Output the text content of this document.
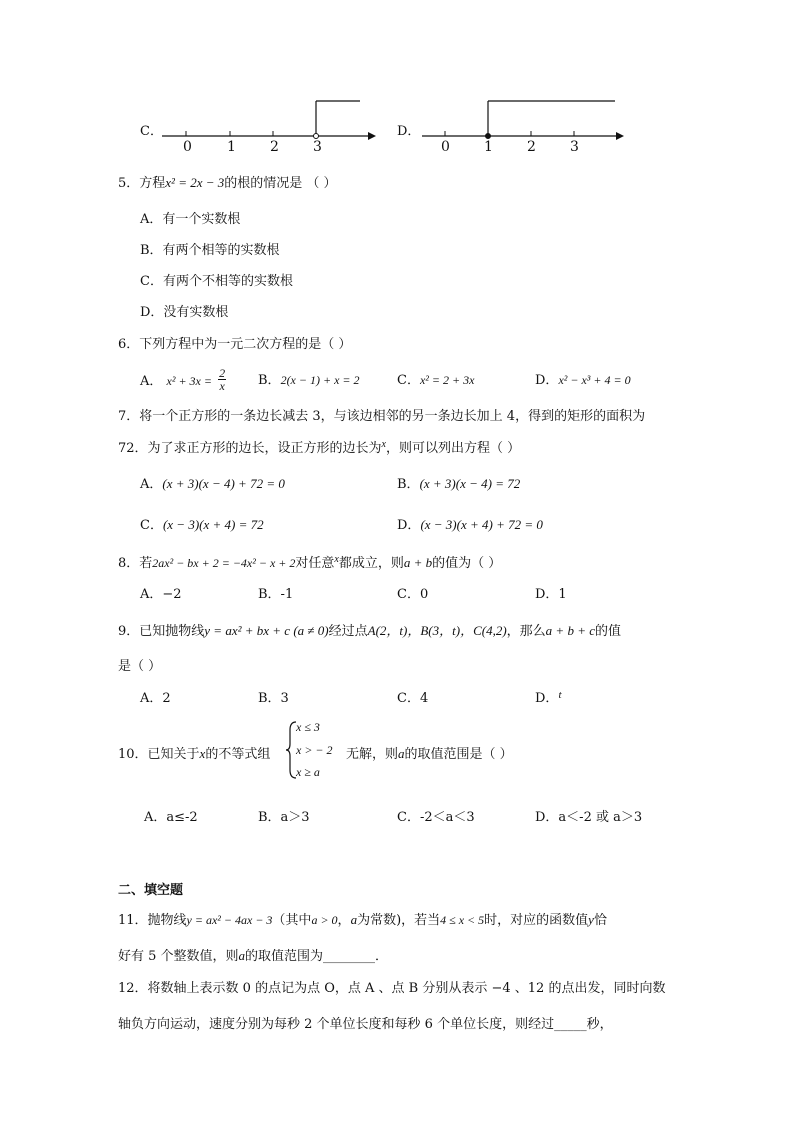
C．
0	1 2 3
D．
0 1 2 3
5．方程x² = 2x − 3的根的情况是 （ ）
A．有一个实数根
B．有两个相等的实数根
C．有两个不相等的实数根
D．没有实数根
6．下列方程中为一元二次方程的是（ ）
A． $x^2 + 3x = \frac{2}{x}$ B．2(x − 1) + x = 2	C．x² = 2 + 3x	D．x² − x³ + 4 = 0
7．将一个正方形的一条边长减去 3，与该边相邻的另一条边长加上 4，得到的矩形的面积为
72．为了求正方形的边长，设正方形的边长为$^x$，则可以列出方程（ ）
A．(x + 3)(x − 4) + 72 = 0	B．(x + 3)(x − 4) = 72
C．(x − 3)(x + 4) = 72	D．(x − 3)(x + 4) + 72 = 0
8．若2ax² − bx + 2 = −4x² − x + 2对任意$^x$都成立，则a + b的值为（ ）
A．−2	B．-1	C．0	D．1
9．已知抛物线y = ax² + bx + c (a ≠ 0)经过点A(2，t)，B(3，t)，C(4,2)，那么a + b + c的值
是（ ）
A．2	B．3	C．4	D．$^t$
10．已知关于x的不等式组
x ≤ 3
x > − 2
x ≥ a
无解，则a的取值范围是（ ）
A．a≤-2	B．a＞3	C．-2＜a＜3	D．a＜-2 或 a＞3
二、填空题
11．抛物线y = ax² − 4ax − 3（其中a > 0，a为常数)，若当4 ≤ x < 5时，对应的函数值y恰
好有 5 个整数值，则a的取值范围为________．
12．将数轴上表示数 0 的点记为点 O，点 A 、点 B 分别从表示 −4 、12 的点出发，同时向数
轴负方向运动，速度分别为每秒 2 个单位长度和每秒 6 个单位长度，则经过_____秒，
